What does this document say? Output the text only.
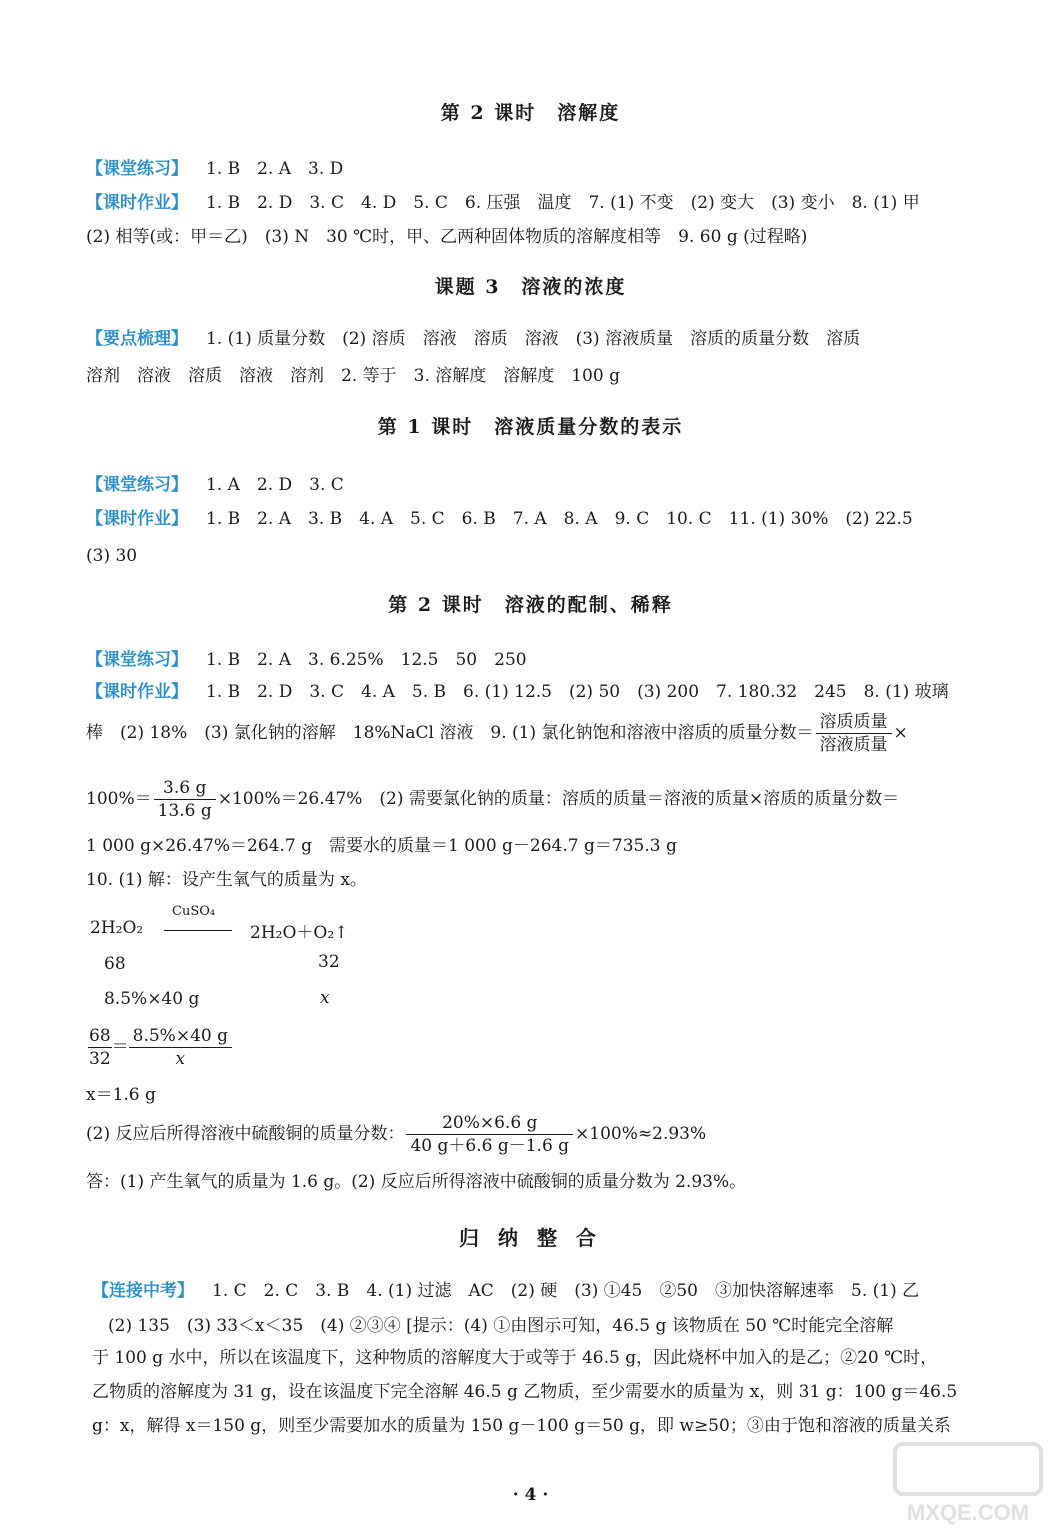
第 2 课时　溶解度
【课堂练习】 1. B　2. A　3. D
【课时作业】 1. B　2. D　3. C　4. D　5. C　6. 压强　温度　7. (1) 不变　(2) 变大　(3) 变小　8. (1) 甲
(2) 相等(或：甲＝乙)　(3) N　30 ℃时，甲、乙两种固体物质的溶解度相等　9. 60 g (过程略)
课题 3　溶液的浓度
【要点梳理】 1. (1) 质量分数　(2) 溶质　溶液　溶质　溶液　(3) 溶液质量　溶质的质量分数　溶质
溶剂　溶液　溶质　溶液　溶剂　2. 等于　3. 溶解度　溶解度　100 g
第 1 课时　溶液质量分数的表示
【课堂练习】 1. A　2. D　3. C
【课时作业】 1. B　2. A　3. B　4. A　5. C　6. B　7. A　8. A　9. C　10. C　11. (1) 30%　(2) 22.5
(3) 30
第 2 课时　溶液的配制、稀释
【课堂练习】 1. B　2. A　3. 6.25%　12.5　50　250
【课时作业】 1. B　2. D　3. C　4. A　5. B　6. (1) 12.5　(2) 50　(3) 200　7. 180.32　245　8. (1) 玻璃
棒　(2) 18%　(3) 氯化钠的溶解　18%NaCl 溶液　9. (1) 氯化钠饱和溶液中溶质的质量分数＝ $\frac{\text{溶质质量}}{\text{溶液质量}}$ ×
$100\%= \frac{3.6 g}{13.6 g} \times 100\%=26.47\%$　(2) 需要氯化钠的质量：溶质的质量＝溶液的质量×溶质的质量分数＝
1 000 g×26.47%＝264.7 g　需要水的质量＝1 000 g－264.7 g＝735.3 g
10. (1) 解：设产生氧气的质量为 x。
2H₂O₂
CuSO₄
2H₂O＋O₂↑
68	32
8.5%×40 g	x
$\frac{68}{32} = \frac{8.5\%\times 40 g}{x}$
x＝1.6 g
(2) 反应后所得溶液中硫酸铜的质量分数： $\frac{20\%\times 6.6 g}{40 g+6.6 g-1.6 g} \times 100\%\approx 2.93\%$
答：(1) 产生氧气的质量为 1.6 g。(2) 反应后所得溶液中硫酸铜的质量分数为 2.93%。
归 纳 整 合
【连接中考】 1. C　2. C　3. B　4. (1) 过滤　AC　(2) 硬　(3) ①45　②50　③加快溶解速率　5. (1) 乙
(2) 135　(3) 33＜x＜35　(4) ②③④ [提示：(4) ①由图示可知，46.5 g 该物质在 50 ℃时能完全溶解
于 100 g 水中，所以在该温度下，这种物质的溶解度大于或等于 46.5 g，因此烧杯中加入的是乙；②20 ℃时，
乙物质的溶解度为 31 g，设在该温度下完全溶解 46.5 g 乙物质，至少需要水的质量为 x，则 31 g：100 g＝46.5
g：x，解得 x＝150 g，则至少需要加水的质量为 150 g－100 g＝50 g，即 w≥50；③由于饱和溶液的质量关系
· 4 ·
MXQE.COM
